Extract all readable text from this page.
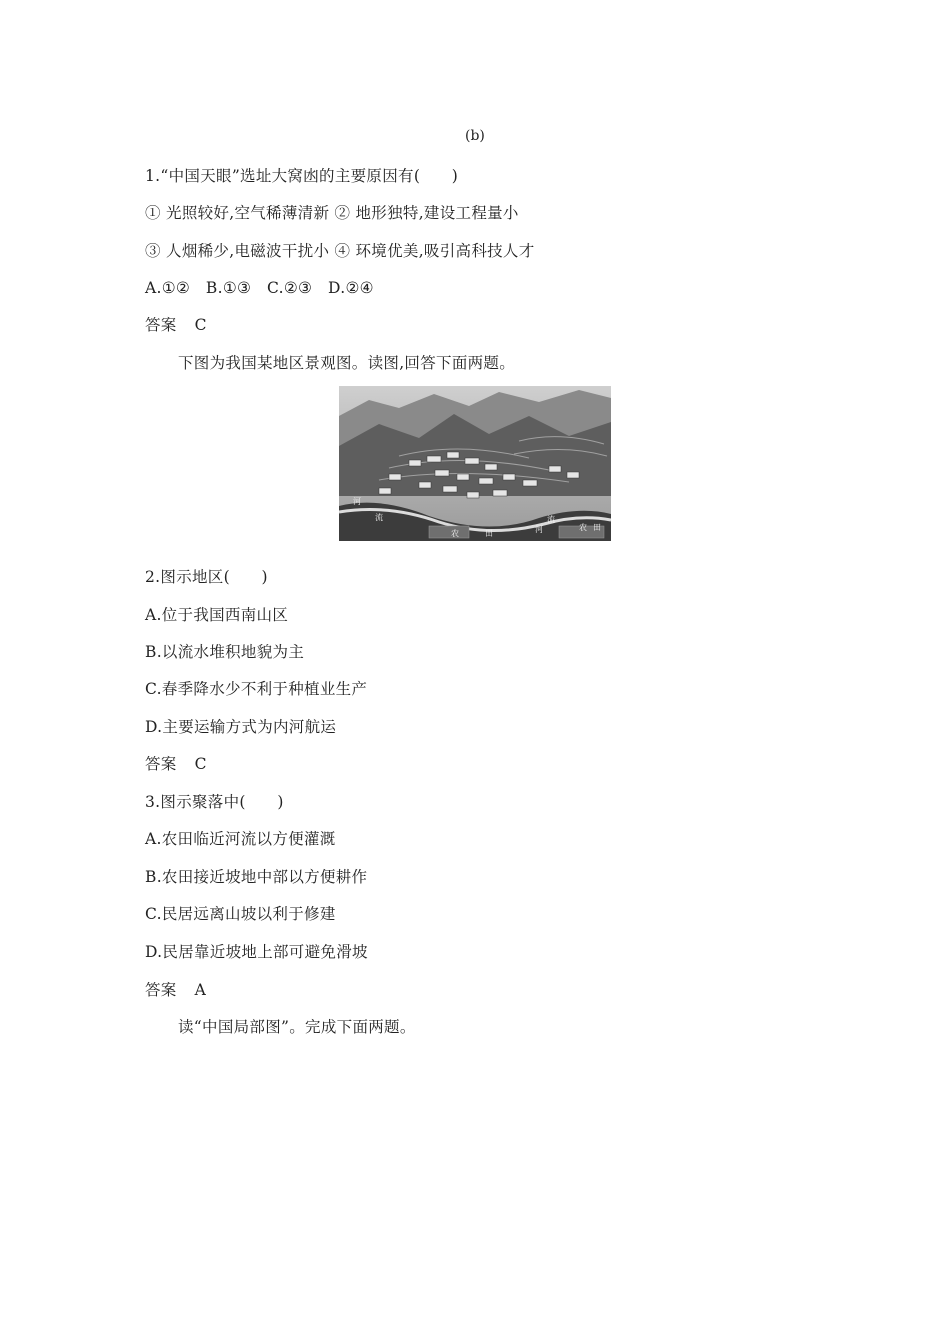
(b)
1.“中国天眼”选址大窝凼的主要原因有(　　)
① 光照较好,空气稀薄清新 ② 地形独特,建设工程量小
③ 人烟稀少,电磁波干扰小 ④ 环境优美,吸引高科技人才
A.①②　B.①③　C.②③　D.②④
答案 C
下图为我国某地区景观图。读图,回答下面两题。
河
流
农	田	河
流
农 田
2.图示地区(　　)
A.位于我国西南山区
B.以流水堆积地貌为主
C.春季降水少不利于种植业生产
D.主要运输方式为内河航运
答案 C
3.图示聚落中(　　)
A.农田临近河流以方便灌溉
B.农田接近坡地中部以方便耕作
C.民居远离山坡以利于修建
D.民居靠近坡地上部可避免滑坡
答案 A
读“中国局部图”。完成下面两题。
